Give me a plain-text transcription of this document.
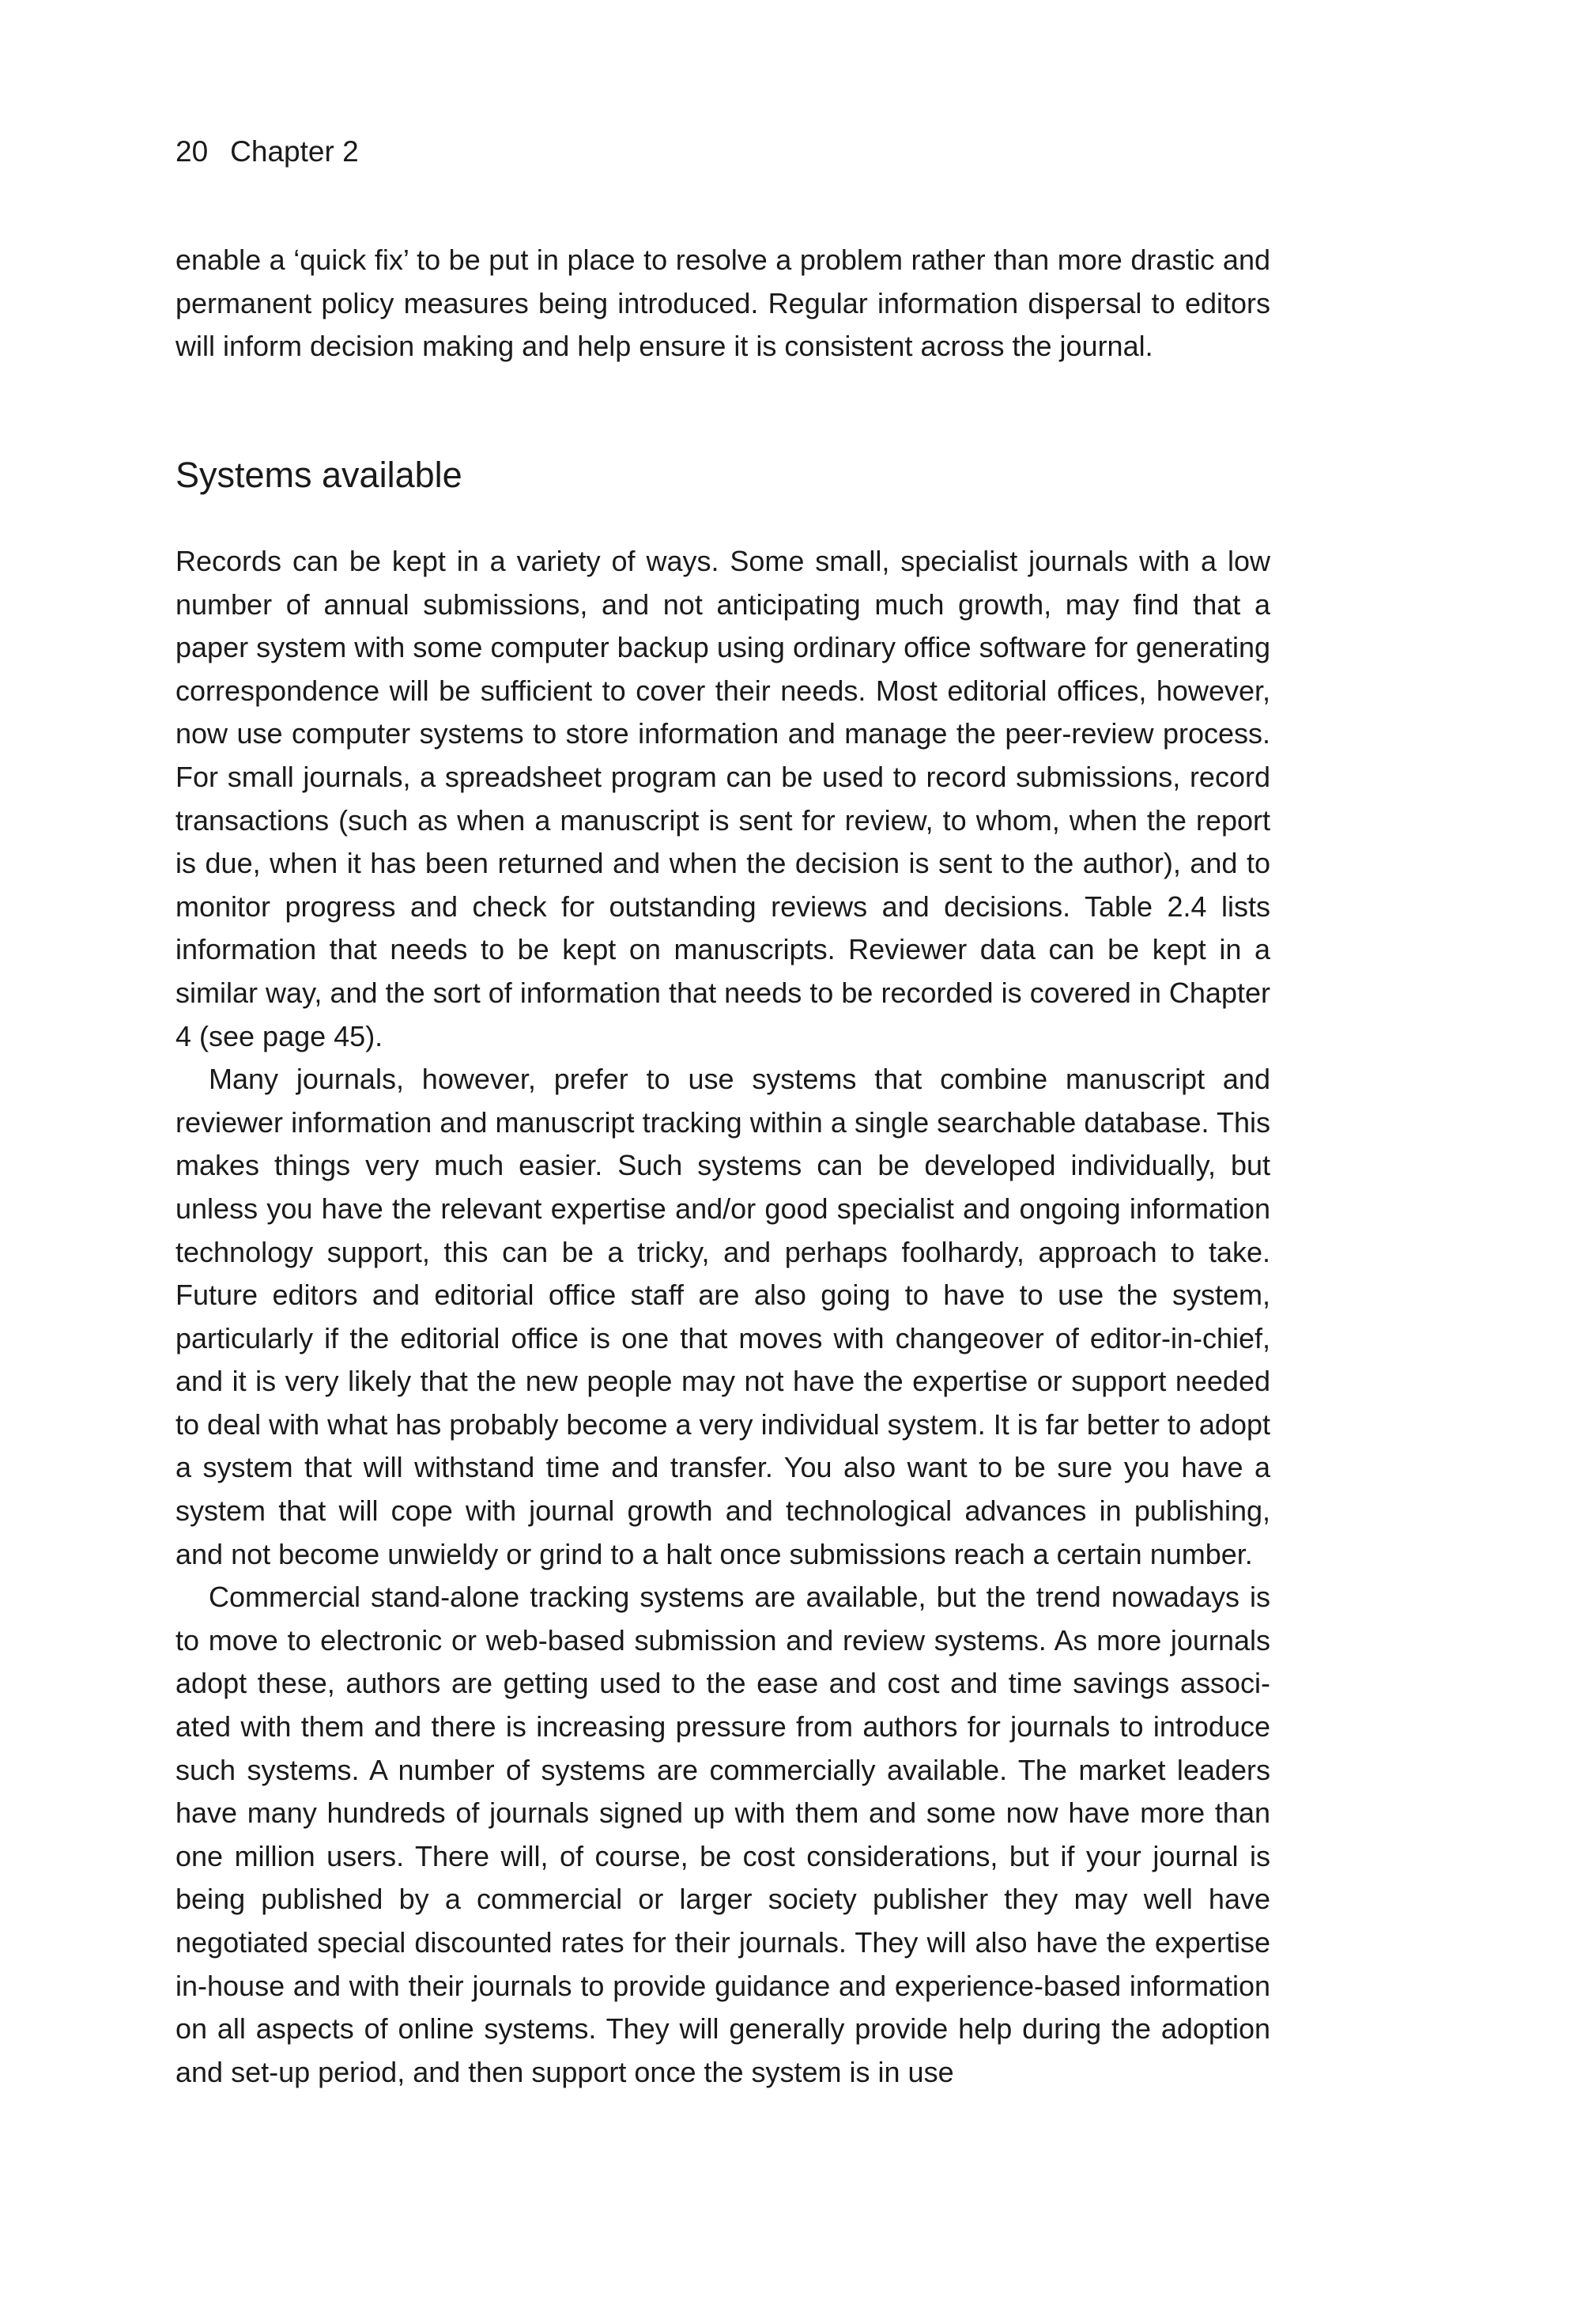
20 Chapter 2

enable a ‘quick fix’ to be put in place to resolve a problem rather than more drastic and permanent policy measures being introduced. Regular information dispersal to editors will inform decision making and help ensure it is consistent across the journal.

Systems available

Records can be kept in a variety of ways. Some small, specialist journals with a low number of annual submissions, and not anticipating much growth, may find that a paper system with some computer backup using ordinary office software for generating correspondence will be sufficient to cover their needs. Most editorial offices, however, now use computer systems to store information and manage the peer-review process. For small journals, a spreadsheet program can be used to record submissions, record transactions (such as when a manuscript is sent for review, to whom, when the report is due, when it has been returned and when the decision is sent to the author), and to monitor progress and check for outstanding reviews and decisions. Table 2.4 lists information that needs to be kept on manuscripts. Reviewer data can be kept in a similar way, and the sort of information that needs to be recorded is covered in Chapter 4 (see page 45).

Many journals, however, prefer to use systems that combine manuscript and reviewer information and manuscript tracking within a single searchable database. This makes things very much easier. Such systems can be developed individually, but unless you have the relevant expertise and/or good specialist and ongoing information technology support, this can be a tricky, and perhaps foolhardy, approach to take. Future editors and editorial office staff are also going to have to use the system, particularly if the editorial office is one that moves with changeover of editor-in-chief, and it is very likely that the new people may not have the expertise or support needed to deal with what has probably become a very individual system. It is far better to adopt a system that will withstand time and transfer. You also want to be sure you have a system that will cope with journal growth and technological advances in publishing, and not become unwieldy or grind to a halt once submissions reach a certain number.

Commercial stand-alone tracking systems are available, but the trend nowadays is to move to electronic or web-based submission and review systems. As more journals adopt these, authors are getting used to the ease and cost and time savings associated with them and there is increasing pressure from authors for journals to introduce such systems. A number of systems are commercially available. The market leaders have many hundreds of journals signed up with them and some now have more than one million users. There will, of course, be cost considerations, but if your journal is being published by a commercial or larger society publisher they may well have negotiated special discounted rates for their journals. They will also have the expertise in-house and with their journals to provide guidance and experience-based information on all aspects of online systems. They will generally provide help during the adoption and set-up period, and then support once the system is in use
